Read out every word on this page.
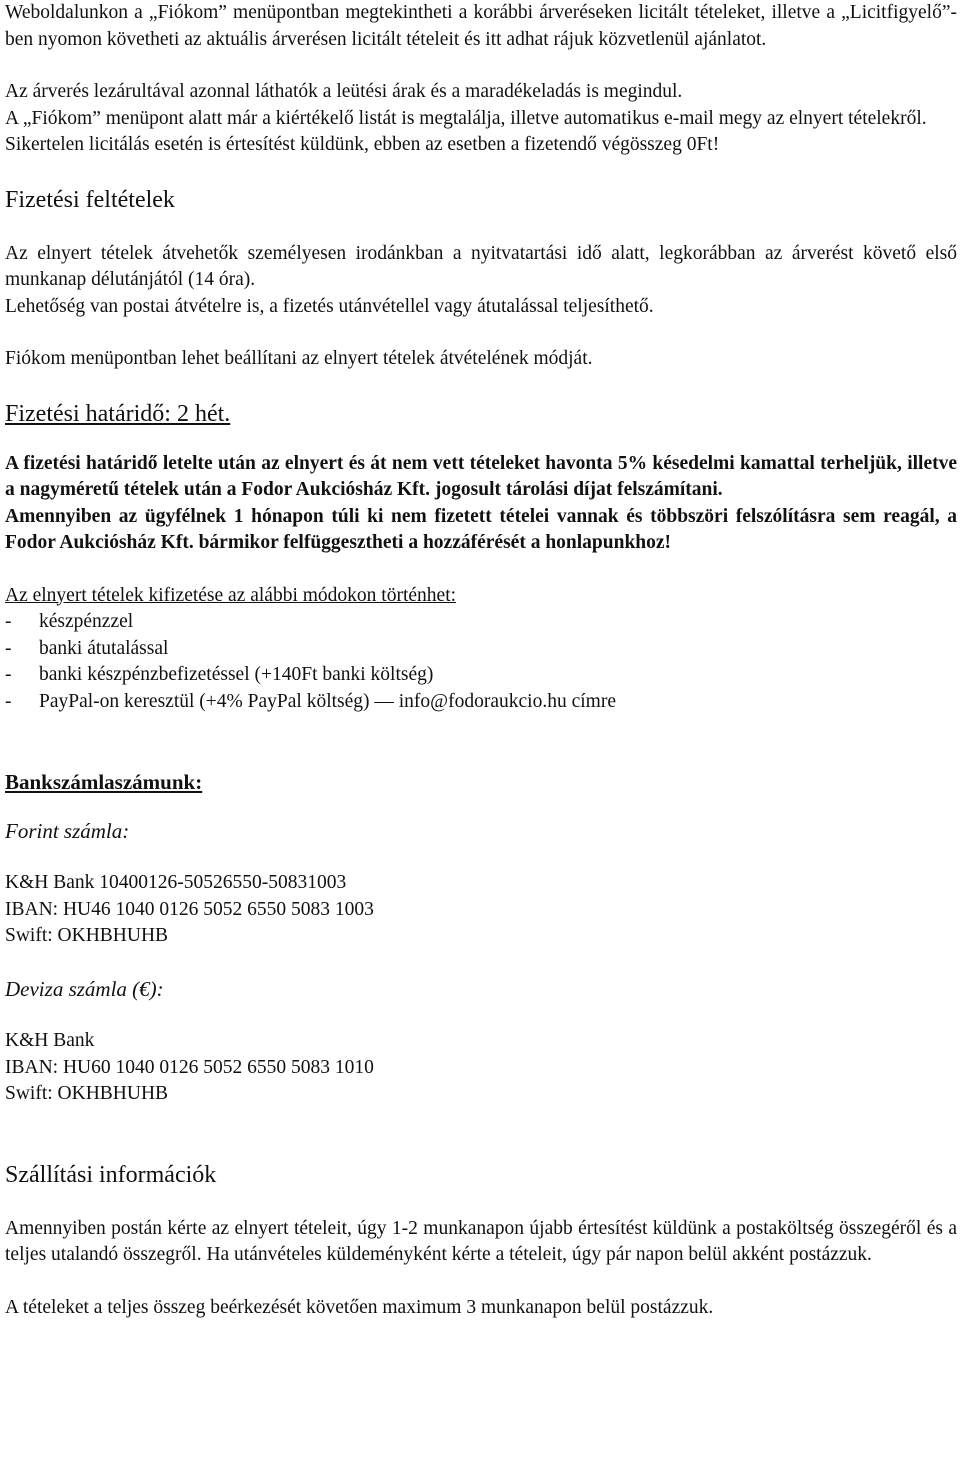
Weboldalunkon a „Fiókom” menüpontban megtekintheti a korábbi árveréseken licitált tételeket, illetve a „Licitfigyelő”-ben nyomon követheti az aktuális árverésen licitált tételeit és itt adhat rájuk közvetlenül ajánlatot.

Az árverés lezárultával azonnal láthatók a leütési árak és a maradékeladás is megindul.

A „Fiókom” menüpont alatt már a kiértékelő listát is megtalálja, illetve automatikus e-mail megy az elnyert tételekről. Sikertelen licitálás esetén is értesítést küldünk, ebben az esetben a fizetendő végösszeg 0Ft!

Fizetési feltételek

Az elnyert tételek átvehetők személyesen irodánkban a nyitvatartási idő alatt, legkorábban az árverést követő első munkanap délutánjától (14 óra).

Lehetőség van postai átvételre is, a fizetés utánvétellel vagy átutalással teljesíthető.

Fiókom menüpontban lehet beállítani az elnyert tételek átvételének módját.

Fizetési határidő: 2 hét.

A fizetési határidő letelte után az elnyert és át nem vett tételeket havonta 5% késedelmi kamattal terheljük, illetve a nagyméretű tételek után a Fodor Aukciósház Kft. jogosult tárolási díjat felszámítani.

Amennyiben az ügyfélnek 1 hónapon túli ki nem fizetett tételei vannak és többszöri felszólításra sem reagál, a Fodor Aukciósház Kft. bármikor felfüggesztheti a hozzáférését a honlapunkhoz!

Az elnyert tételek kifizetése az alábbi módokon történhet:

- készpénzzel
- banki átutalással
- banki készpénzbefizetéssel (+140Ft banki költség)
- PayPal-on keresztül (+4% PayPal költség) — info@fodoraukcio.hu címre

Bankszámlaszámunk:

Forint számla:

K&H Bank 10400126-50526550-50831003

IBAN: HU46 1040 0126 5052 6550 5083 1003

Swift: OKHBHUHB

Deviza számla (€):

K&H Bank

IBAN: HU60 1040 0126 5052 6550 5083 1010

Swift: OKHBHUHB

Szállítási információk

Amennyiben postán kérte az elnyert tételeit, úgy 1-2 munkanapon újabb értesítést küldünk a postaköltség összegéről és a teljes utalandó összegről. Ha utánvételes küldeményként kérte a tételeit, úgy pár napon belül akként postázzuk.

A tételeket a teljes összeg beérkezését követően maximum 3 munkanapon belül postázzuk.
